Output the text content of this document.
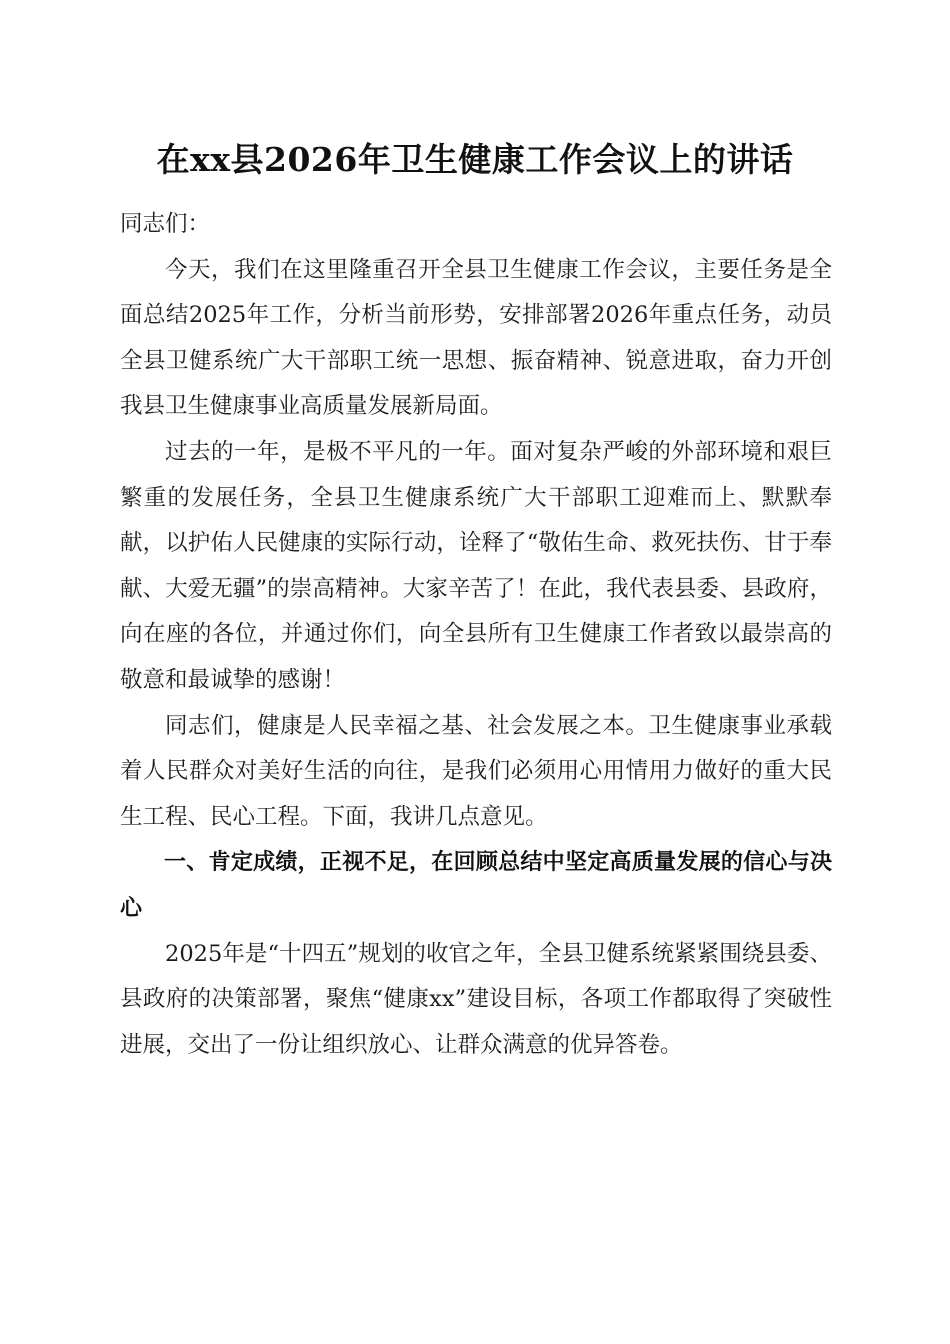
在xx县2026年卫生健康工作会议上的讲话

同志们：

今天，我们在这里隆重召开全县卫生健康工作会议，主要任务是全面总结2025年工作，分析当前形势，安排部署2026年重点任务，动员全县卫健系统广大干部职工统一思想、振奋精神、锐意进取，奋力开创我县卫生健康事业高质量发展新局面。

过去的一年，是极不平凡的一年。面对复杂严峻的外部环境和艰巨繁重的发展任务，全县卫生健康系统广大干部职工迎难而上、默默奉献，以护佑人民健康的实际行动，诠释了“敬佑生命、救死扶伤、甘于奉献、大爱无疆”的崇高精神。大家辛苦了！在此，我代表县委、县政府，向在座的各位，并通过你们，向全县所有卫生健康工作者致以最崇高的敬意和最诚挚的感谢！

同志们，健康是人民幸福之基、社会发展之本。卫生健康事业承载着人民群众对美好生活的向往，是我们必须用心用情用力做好的重大民生工程、民心工程。下面，我讲几点意见。

一、肯定成绩，正视不足，在回顾总结中坚定高质量发展的信心与决心

2025年是“十四五”规划的收官之年，全县卫健系统紧紧围绕县委、县政府的决策部署，聚焦“健康xx”建设目标，各项工作都取得了突破性进展，交出了一份让组织放心、让群众满意的优异答卷。
